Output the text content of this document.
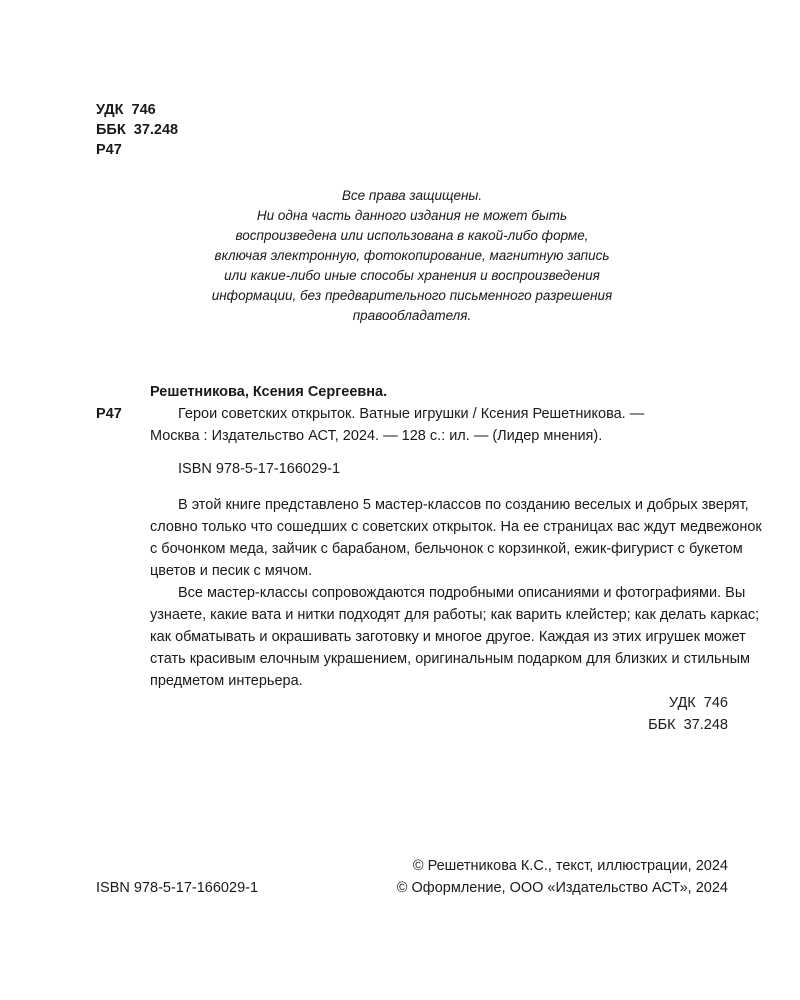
УДК  746
ББК  37.248
Р47
Все права защищены.
Ни одна часть данного издания не может быть
воспроизведена или использована в какой-либо форме,
включая электронную, фотокопирование, магнитную запись
или какие-либо иные способы хранения и воспроизведения
информации, без предварительного письменного разрешения
правообладателя.
Решетникова, Ксения Сергеевна.
Р47	Герои советских открыток. Ватные игрушки / Ксения Решетникова. —
Москва : Издательство АСТ, 2024. — 128 с.: ил. — (Лидер мнения).
ISBN 978-5-17-166029-1
В этой книге представлено 5 мастер-классов по созданию веселых и добрых зверят,
словно только что сошедших с советских открыток. На ее страницах вас ждут медвежонок
с бочонком меда, зайчик с барабаном, бельчонок с корзинкой, ежик-фигурист с букетом
цветов и песик с мячом.
Все мастер-классы сопровождаются подробными описаниями и фотографиями. Вы
узнаете, какие вата и нитки подходят для работы; как варить клейстер; как делать каркас;
как обматывать и окрашивать заготовку и многое другое. Каждая из этих игрушек может
стать красивым елочным украшением, оригинальным подарком для близких и стильным
предметом интерьера.
УДК  746
ББК  37.248
ISBN 978-5-17-166029-1
© Решетникова К.С., текст, иллюстрации, 2024
© Оформление, ООО «Издательство АСТ», 2024
